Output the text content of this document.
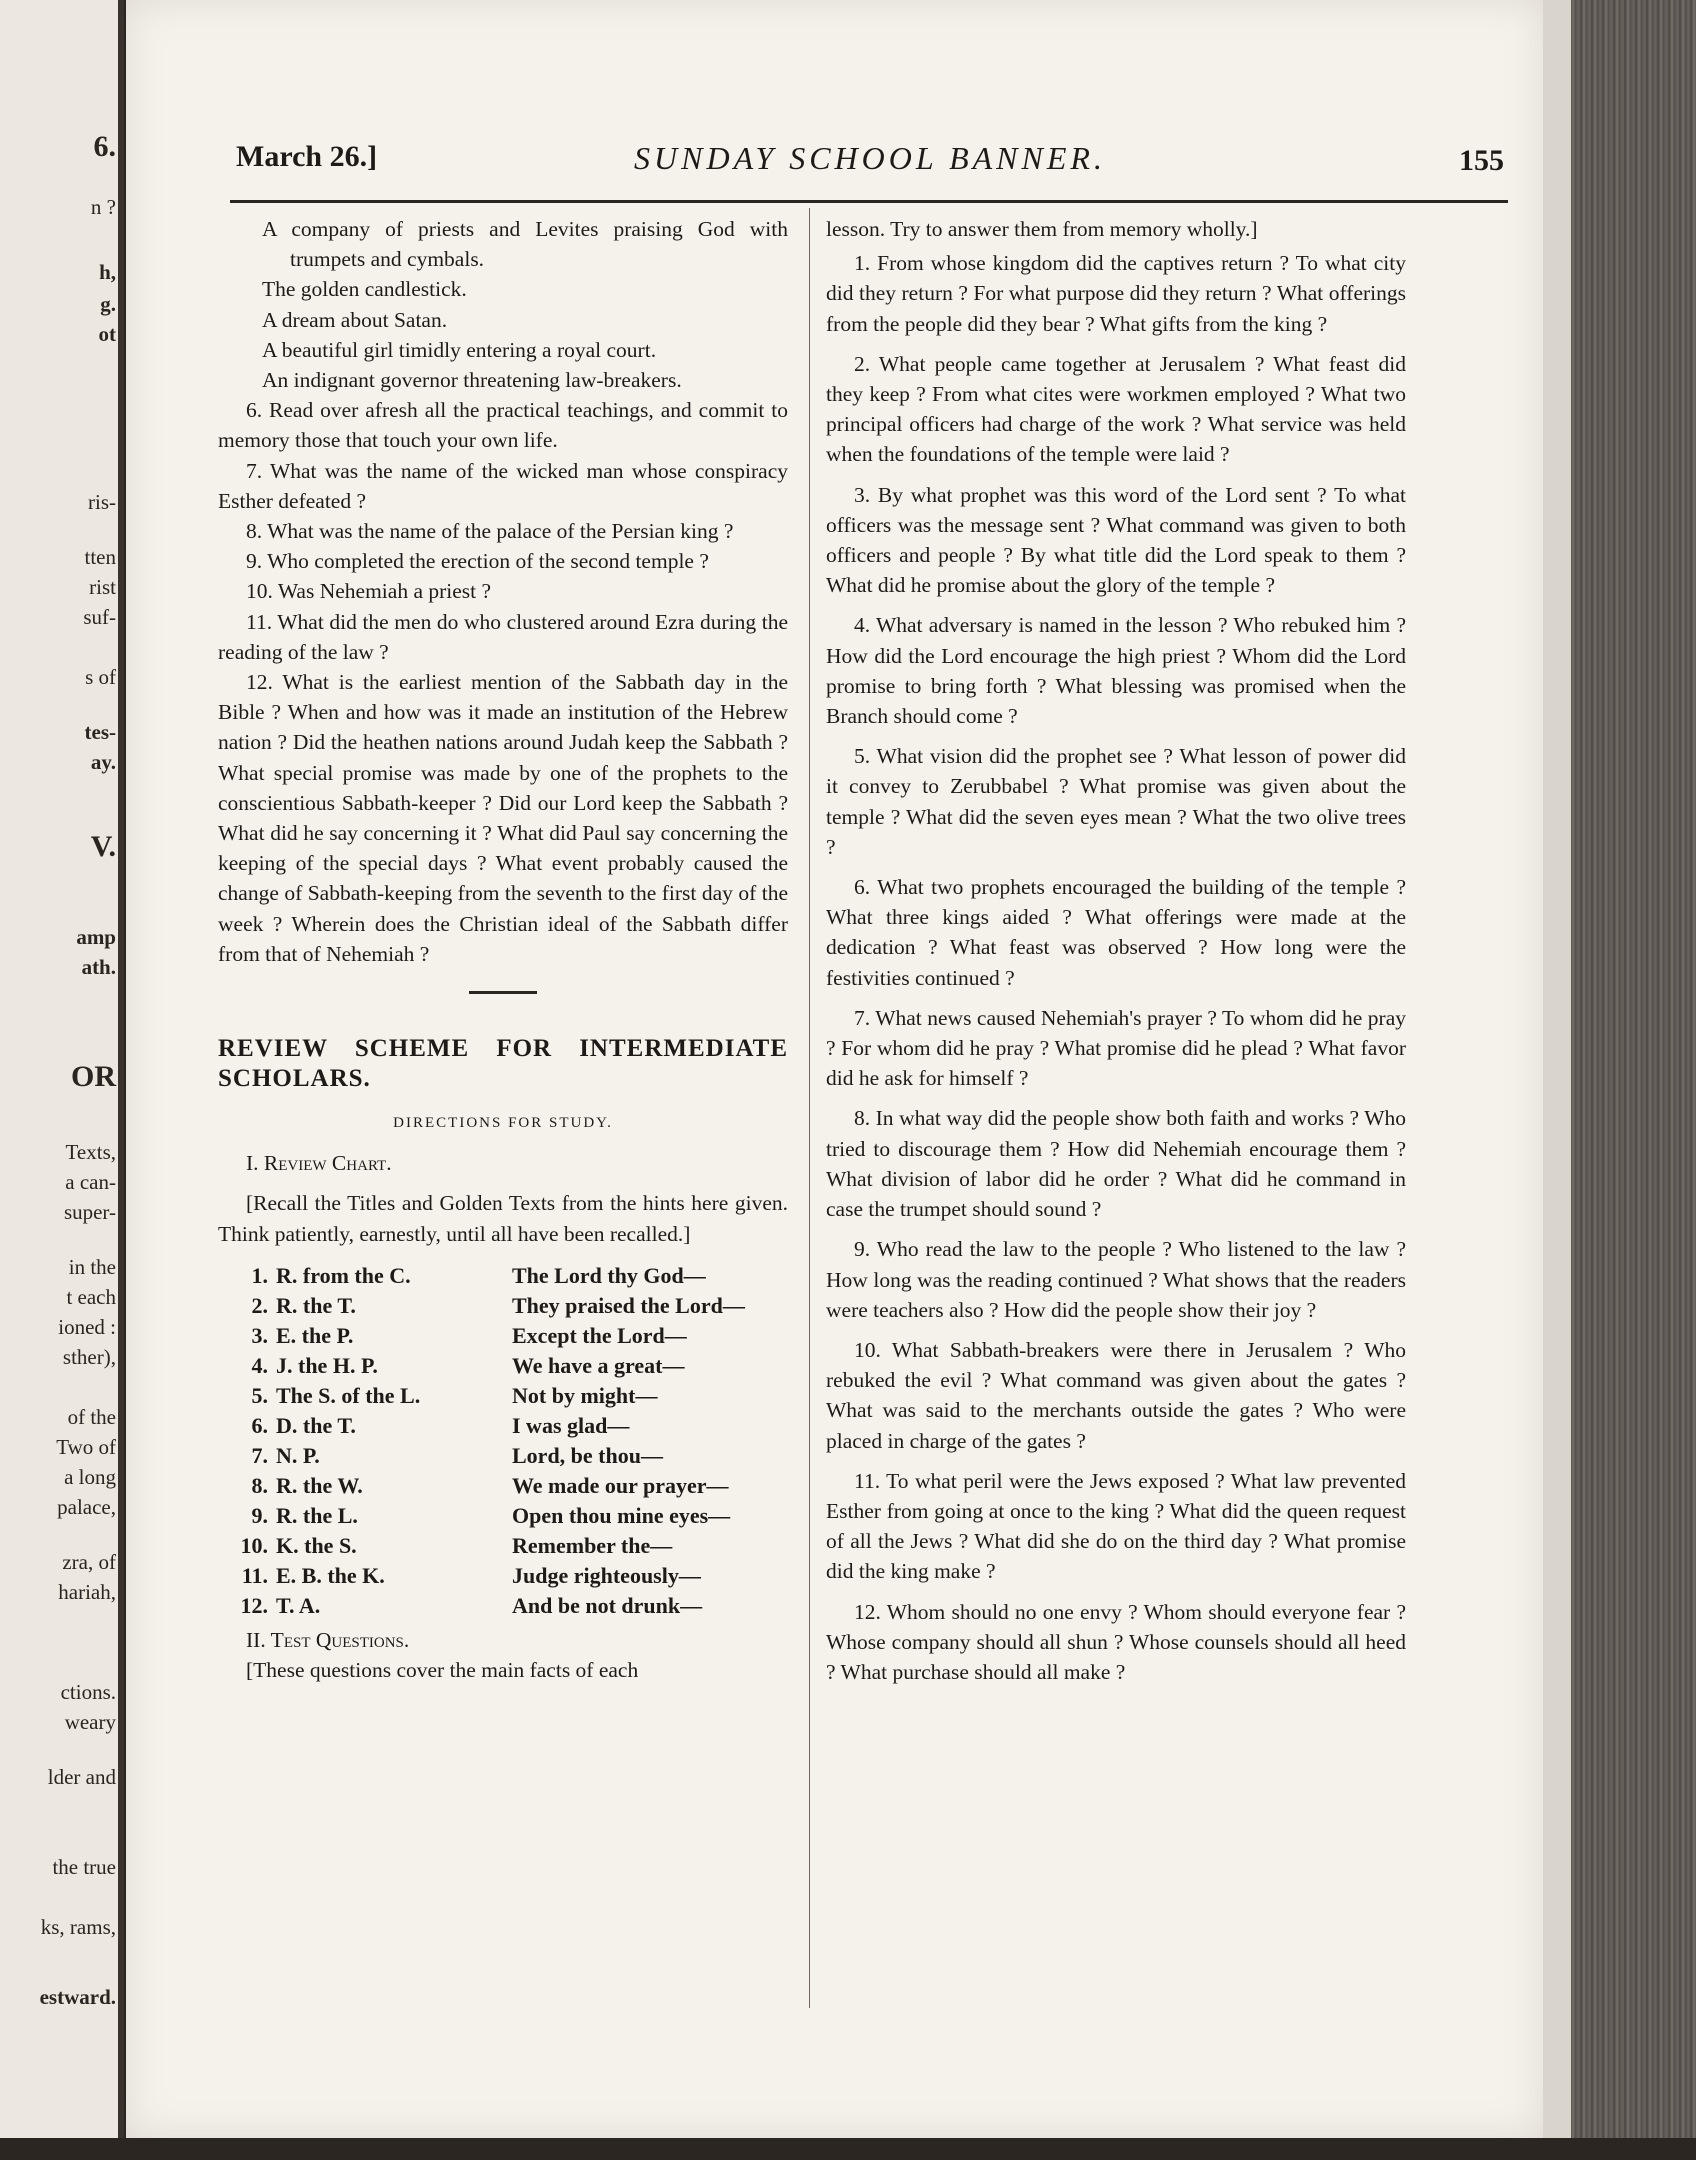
6.
n ?
h,
g.
ot
ris-
tten
rist
suf-
s of
tes-
ay.
V.
amp
ath.
OR
Texts,
a can-
super-
in the
t each
ioned :
sther),
of the
Two of
a long
palace,
zra, of
hariah,
ctions.
weary
lder and
the true
ks, rams,
estward.
March 26.]	SUNDAY SCHOOL BANNER.	155

A company of priests and Levites praising God with trumpets and cymbals.

The golden candlestick.

A dream about Satan.

A beautiful girl timidly entering a royal court.

An indignant governor threatening law-breakers.

6. Read over afresh all the practical teachings, and commit to memory those that touch your own life.

7. What was the name of the wicked man whose conspiracy Esther defeated ?

8. What was the name of the palace of the Persian king ?

9. Who completed the erection of the second temple ?

10. Was Nehemiah a priest ?

11. What did the men do who clustered around Ezra during the reading of the law ?

12. What is the earliest mention of the Sabbath day in the Bible ? When and how was it made an institution of the Hebrew nation ? Did the heathen nations around Judah keep the Sabbath ? What special promise was made by one of the prophets to the conscientious Sabbath-keeper ? Did our Lord keep the Sabbath ? What did he say concerning it ? What did Paul say concerning the keeping of the special days ? What event probably caused the change of Sabbath-keeping from the seventh to the first day of the week ? Wherein does the Christian ideal of the Sabbath differ from that of Nehemiah ?

REVIEW SCHEME FOR INTERMEDIATE SCHOLARS.

DIRECTIONS FOR STUDY.

I. Review Chart.

[Recall the Titles and Golden Texts from the hints here given. Think patiently, earnestly, until all have been recalled.]

1.	R. from the C.	The Lord thy God—
2.	R. the T.	They praised the Lord—
3.	E. the P.	Except the Lord—
4.	J. the H. P.	We have a great—
5.	The S. of the L.	Not by might—
6.	D. the T.	I was glad—
7.	N. P.	Lord, be thou—
8.	R. the W.	We made our prayer—
9.	R. the L.	Open thou mine eyes—
10.	K. the S.	Remember the—
11.	E. B. the K.	Judge righteously—
12.	T. A.	And be not drunk—

II. Test Questions.

[These questions cover the main facts of each

lesson. Try to answer them from memory wholly.]

1. From whose kingdom did the captives return ? To what city did they return ? For what purpose did they return ? What offerings from the people did they bear ? What gifts from the king ?

2. What people came together at Jerusalem ? What feast did they keep ? From what cites were workmen employed ? What two principal officers had charge of the work ? What service was held when the foundations of the temple were laid ?

3. By what prophet was this word of the Lord sent ? To what officers was the message sent ? What command was given to both officers and people ? By what title did the Lord speak to them ? What did he promise about the glory of the temple ?

4. What adversary is named in the lesson ? Who rebuked him ? How did the Lord encourage the high priest ? Whom did the Lord promise to bring forth ? What blessing was promised when the Branch should come ?

5. What vision did the prophet see ? What lesson of power did it convey to Zerubbabel ? What promise was given about the temple ? What did the seven eyes mean ? What the two olive trees ?

6. What two prophets encouraged the building of the temple ? What three kings aided ? What offerings were made at the dedication ? What feast was observed ? How long were the festivities continued ?

7. What news caused Nehemiah's prayer ? To whom did he pray ? For whom did he pray ? What promise did he plead ? What favor did he ask for himself ?

8. In what way did the people show both faith and works ? Who tried to discourage them ? How did Nehemiah encourage them ? What division of labor did he order ? What did he command in case the trumpet should sound ?

9. Who read the law to the people ? Who listened to the law ? How long was the reading continued ? What shows that the readers were teachers also ? How did the people show their joy ?

10. What Sabbath-breakers were there in Jerusalem ? Who rebuked the evil ? What command was given about the gates ? What was said to the merchants outside the gates ? Who were placed in charge of the gates ?

11. To what peril were the Jews exposed ? What law prevented Esther from going at once to the king ? What did the queen request of all the Jews ? What did she do on the third day ? What promise did the king make ?

12. Whom should no one envy ? Whom should everyone fear ? Whose company should all shun ? Whose counsels should all heed ? What purchase should all make ?
